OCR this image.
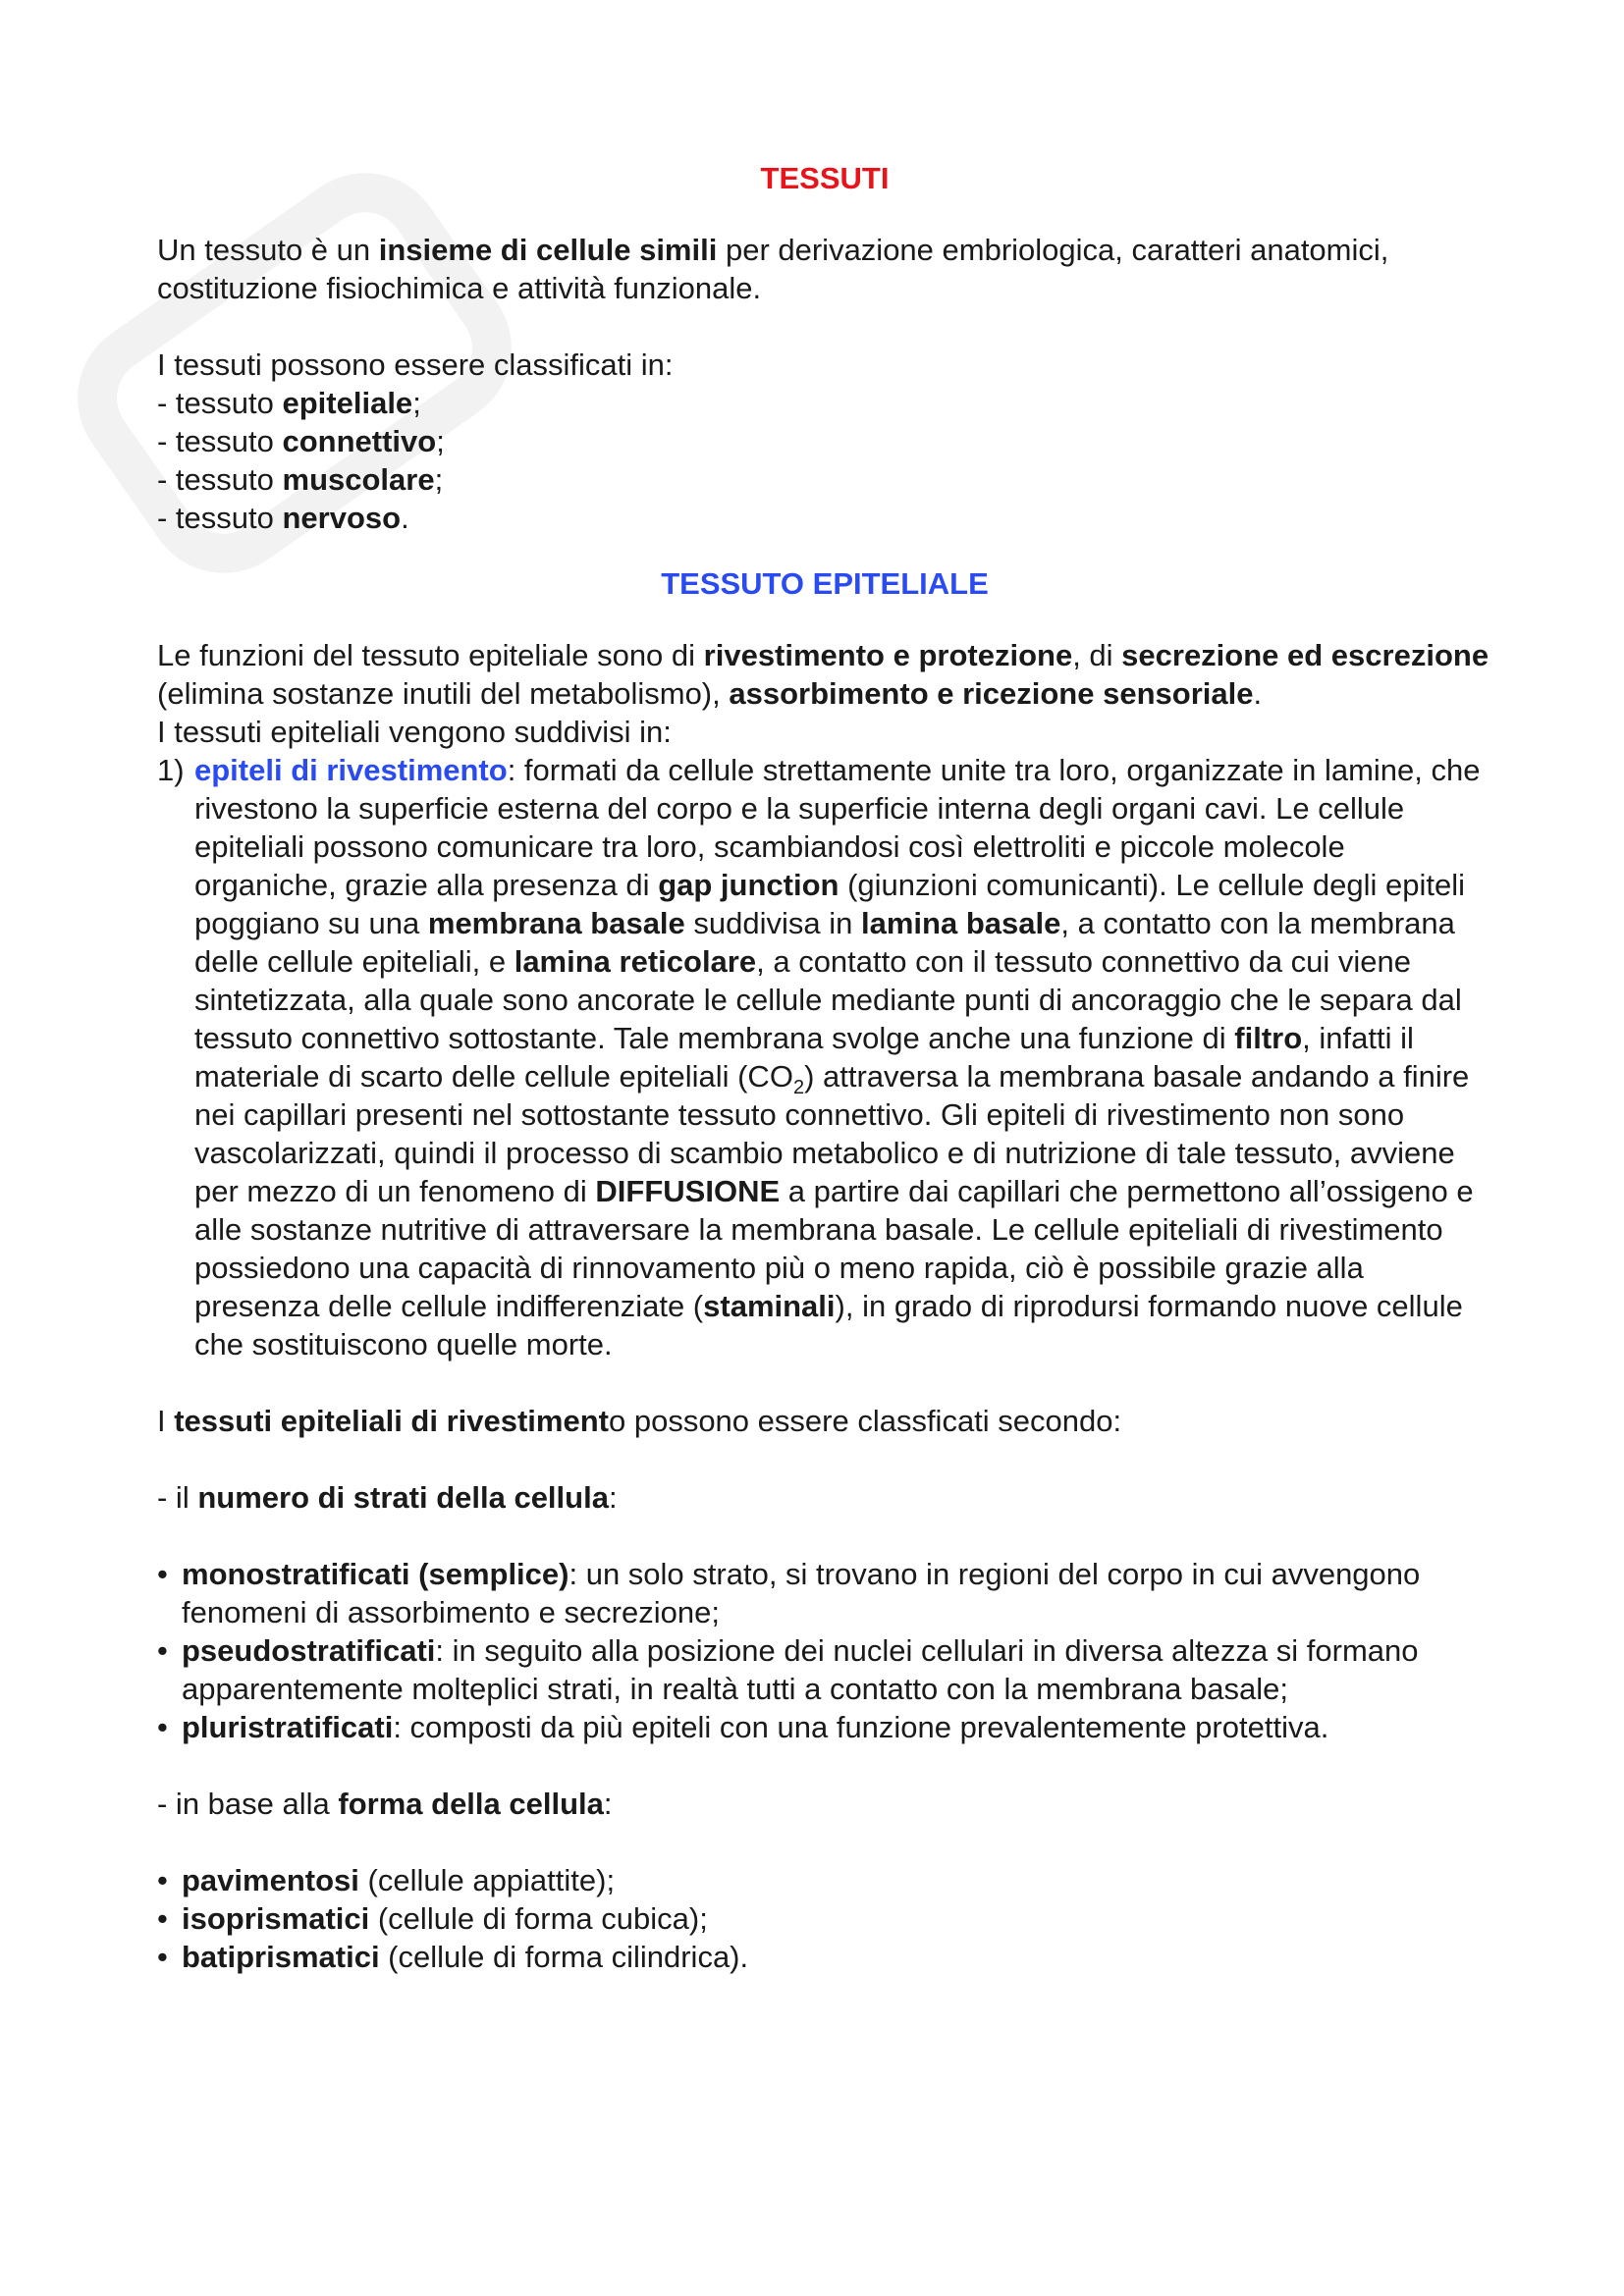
TESSUTI

Un tessuto è un insieme di cellule simili per derivazione embriologica, caratteri anatomici, costituzione fisiochimica e attività funzionale.

I tessuti possono essere classificati in:

- tessuto epiteliale;

- tessuto connettivo;

- tessuto muscolare;

- tessuto nervoso.

TESSUTO EPITELIALE

Le funzioni del tessuto epiteliale sono di rivestimento e protezione, di secrezione ed escrezione (elimina sostanze inutili del metabolismo), assorbimento e ricezione sensoriale.

I tessuti epiteliali vengono suddivisi in:

1) epiteli di rivestimento: formati da cellule strettamente unite tra loro, organizzate in lamine, che rivestono la superficie esterna del corpo e la superficie interna degli organi cavi. Le cellule epiteliali possono comunicare tra loro, scambiandosi così elettroliti e piccole molecole organiche, grazie alla presenza di gap junction (giunzioni comunicanti). Le cellule degli epiteli poggiano su una membrana basale suddivisa in lamina basale, a contatto con la membrana delle cellule epiteliali, e lamina reticolare, a contatto con il tessuto connettivo da cui viene sintetizzata, alla quale sono ancorate le cellule mediante punti di ancoraggio che le separa dal tessuto connettivo sottostante. Tale membrana svolge anche una funzione di filtro, infatti il materiale di scarto delle cellule epiteliali $(CO_2)$ attraversa la membrana basale andando a finire nei capillari presenti nel sottostante tessuto connettivo. Gli epiteli di rivestimento non sono vascolarizzati, quindi il processo di scambio metabolico e di nutrizione di tale tessuto, avviene per mezzo di un fenomeno di DIFFUSIONE a partire dai capillari che permettono all’ossigeno e alle sostanze nutritive di attraversare la membrana basale. Le cellule epiteliali di rivestimento possiedono una capacità di rinnovamento più o meno rapida, ciò è possibile grazie alla presenza delle cellule indifferenziate (staminali), in grado di riprodursi formando nuove cellule che sostituiscono quelle morte.

I tessuti epiteliali di rivestimento possono essere classficati secondo:

- il numero di strati della cellula:

• monostratificati (semplice): un solo strato, si trovano in regioni del corpo in cui avvengono fenomeni di assorbimento e secrezione;

• pseudostratificati: in seguito alla posizione dei nuclei cellulari in diversa altezza si formano apparentemente molteplici strati, in realtà tutti a contatto con la membrana basale;

• pluristratificati: composti da più epiteli con una funzione prevalentemente protettiva.

- in base alla forma della cellula:

• pavimentosi (cellule appiattite);

• isoprismatici (cellule di forma cubica);

• batiprismatici (cellule di forma cilindrica).
